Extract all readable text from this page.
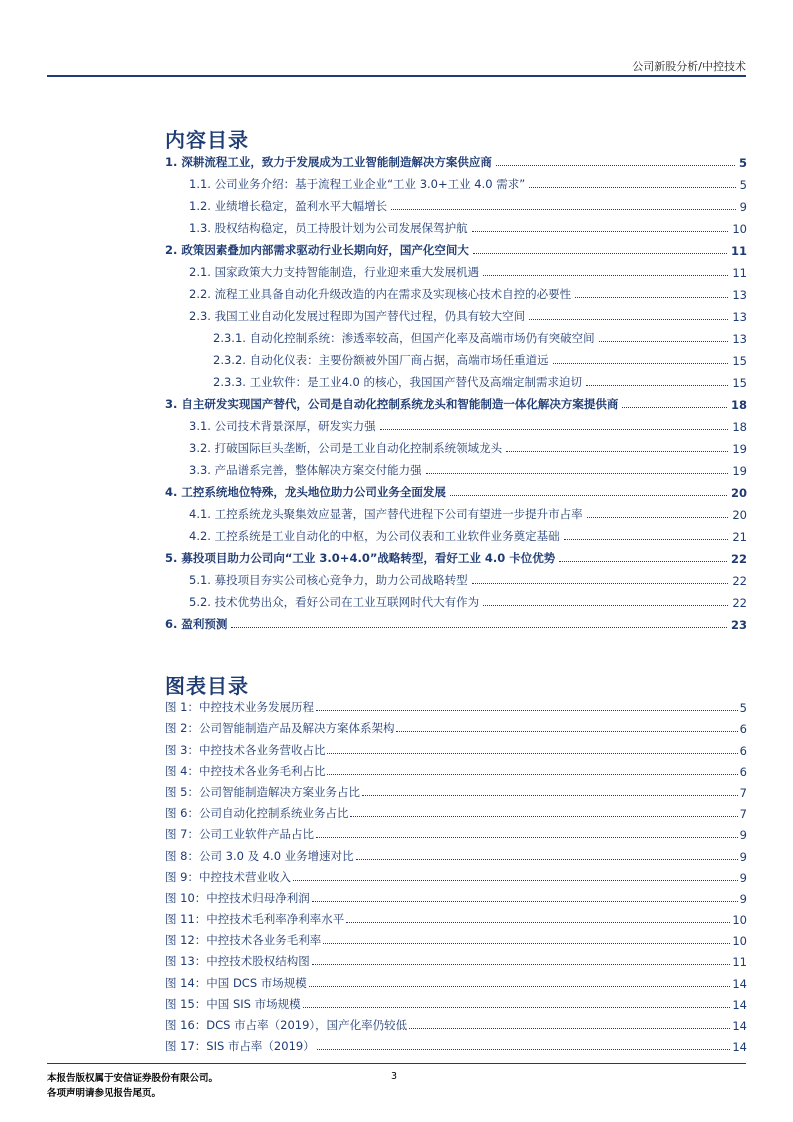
公司新股分析/中控技术
内容目录
1. 深耕流程工业，致力于发展成为工业智能制造解决方案供应商	5
1.1. 公司业务介绍：基于流程工业企业“工业 3.0+工业 4.0 需求”	5
1.2. 业绩增长稳定，盈利水平大幅增长	9
1.3. 股权结构稳定，员工持股计划为公司发展保驾护航	10
2. 政策因素叠加内部需求驱动行业长期向好，国产化空间大	11
2.1. 国家政策大力支持智能制造，行业迎来重大发展机遇	11
2.2. 流程工业具备自动化升级改造的内在需求及实现核心技术自控的必要性	13
2.3. 我国工业自动化发展过程即为国产替代过程，仍具有较大空间	13
2.3.1. 自动化控制系统：渗透率较高，但国产化率及高端市场仍有突破空间	13
2.3.2. 自动化仪表：主要份额被外国厂商占据，高端市场任重道远	15
2.3.3. 工业软件：是工业4.0 的核心，我国国产替代及高端定制需求迫切	15
3. 自主研发实现国产替代，公司是自动化控制系统龙头和智能制造一体化解决方案提供商	18
3.1. 公司技术背景深厚，研发实力强	18
3.2. 打破国际巨头垄断，公司是工业自动化控制系统领域龙头	19
3.3. 产品谱系完善，整体解决方案交付能力强	19
4. 工控系统地位特殊，龙头地位助力公司业务全面发展	20
4.1. 工控系统龙头聚集效应显著，国产替代进程下公司有望进一步提升市占率	20
4.2. 工控系统是工业自动化的中枢，为公司仪表和工业软件业务奠定基础	21
5. 募投项目助力公司向“工业 3.0+4.0”战略转型，看好工业 4.0 卡位优势	22
5.1. 募投项目夯实公司核心竞争力，助力公司战略转型	22
5.2. 技术优势出众，看好公司在工业互联网时代大有作为	22
6. 盈利预测	23
图表目录
图 1：中控技术业务发展历程	5
图 2：公司智能制造产品及解决方案体系架构	6
图 3：中控技术各业务营收占比	6
图 4：中控技术各业务毛利占比	6
图 5：公司智能制造解决方案业务占比	7
图 6：公司自动化控制系统业务占比	7
图 7：公司工业软件产品占比	9
图 8：公司 3.0 及 4.0 业务增速对比	9
图 9：中控技术营业收入	9
图 10：中控技术归母净利润	9
图 11：中控技术毛利率净利率水平	10
图 12：中控技术各业务毛利率	10
图 13：中控技术股权结构图	11
图 14：中国 DCS 市场规模	14
图 15：中国 SIS 市场规模	14
图 16：DCS 市占率（2019），国产化率仍较低	14
图 17：SIS 市占率（2019）	14
本报告版权属于安信证券股份有限公司。
各项声明请参见报告尾页。
3
